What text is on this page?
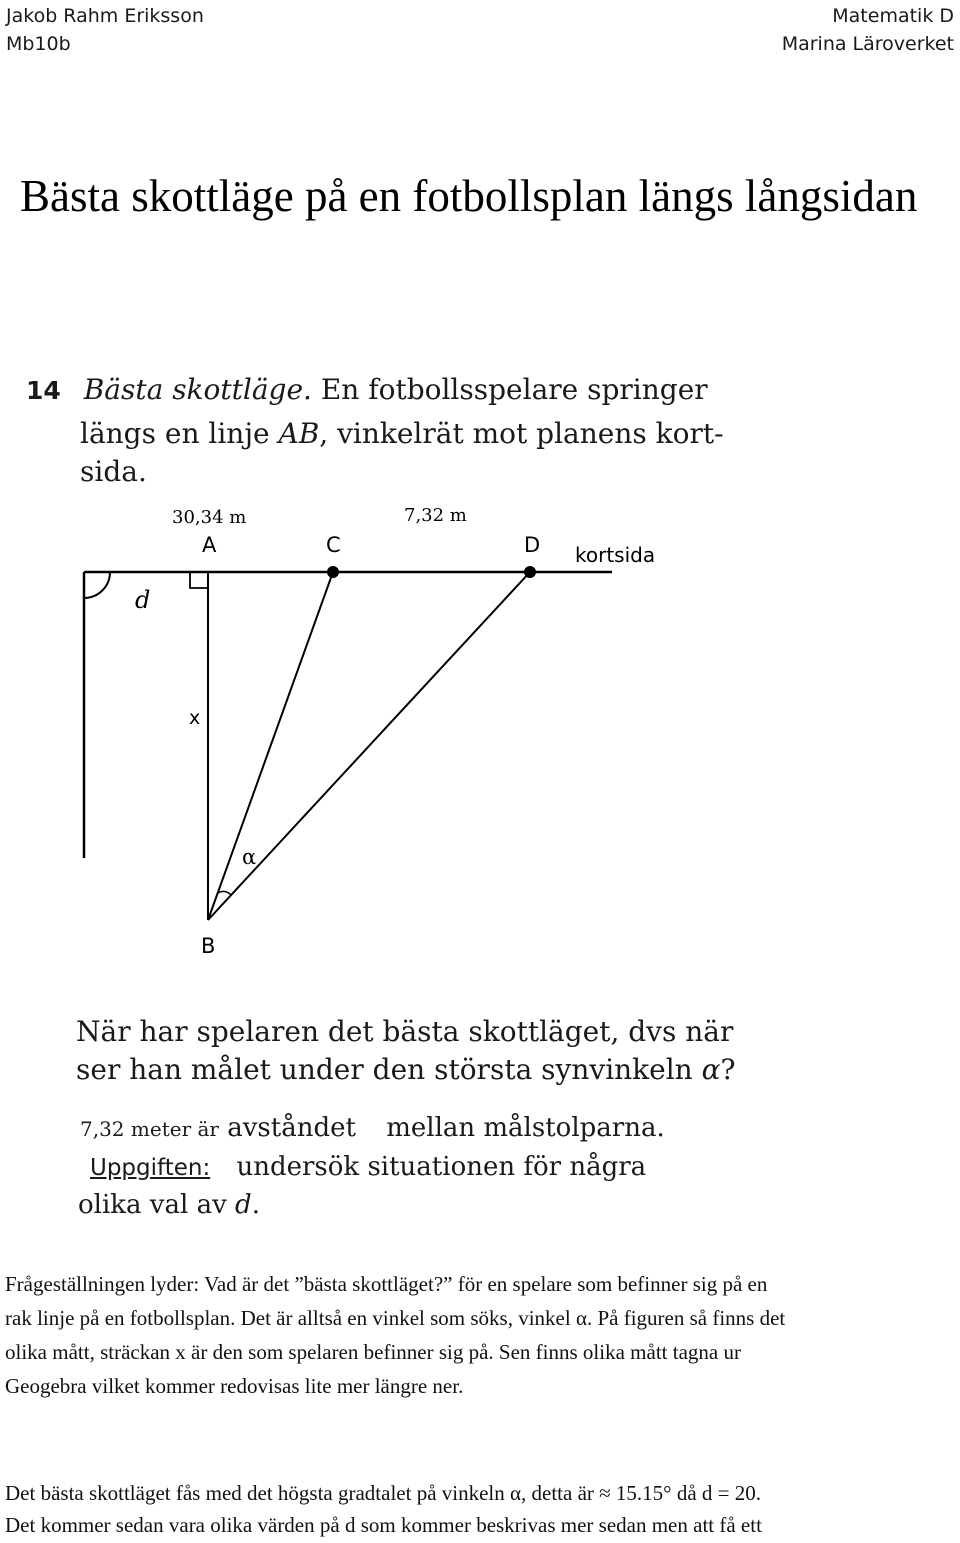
Jakob Rahm Eriksson
Mb10b
Matematik D
Marina Läroverket
Bästa skottläge på en fotbollsplan längs långsidan
14 Bästa skottläge. En fotbollsspelare springer
längs en linje AB, vinkelrät mot planens kort-
sida.
30,34 m	7,32 m
A	C	D kortsida
d
x
α
B
När har spelaren det bästa skottläget, dvs när
ser han målet under den största synvinkeln α?
7,32 meter är avståndet mellan målstolparna.
Uppgiften: undersök situationen för några
olika val av d.
Frågeställningen lyder: Vad är det ”bästa skottläget?” för en spelare som befinner sig på en
rak linje på en fotbollsplan. Det är alltså en vinkel som söks, vinkel α. På figuren så finns det
olika mått, sträckan x är den som spelaren befinner sig på. Sen finns olika mått tagna ur
Geogebra vilket kommer redovisas lite mer längre ner.
Det bästa skottläget fås med det högsta gradtalet på vinkeln α, detta är ≈ 15.15° då d = 20.
Det kommer sedan vara olika värden på d som kommer beskrivas mer sedan men att få ett
